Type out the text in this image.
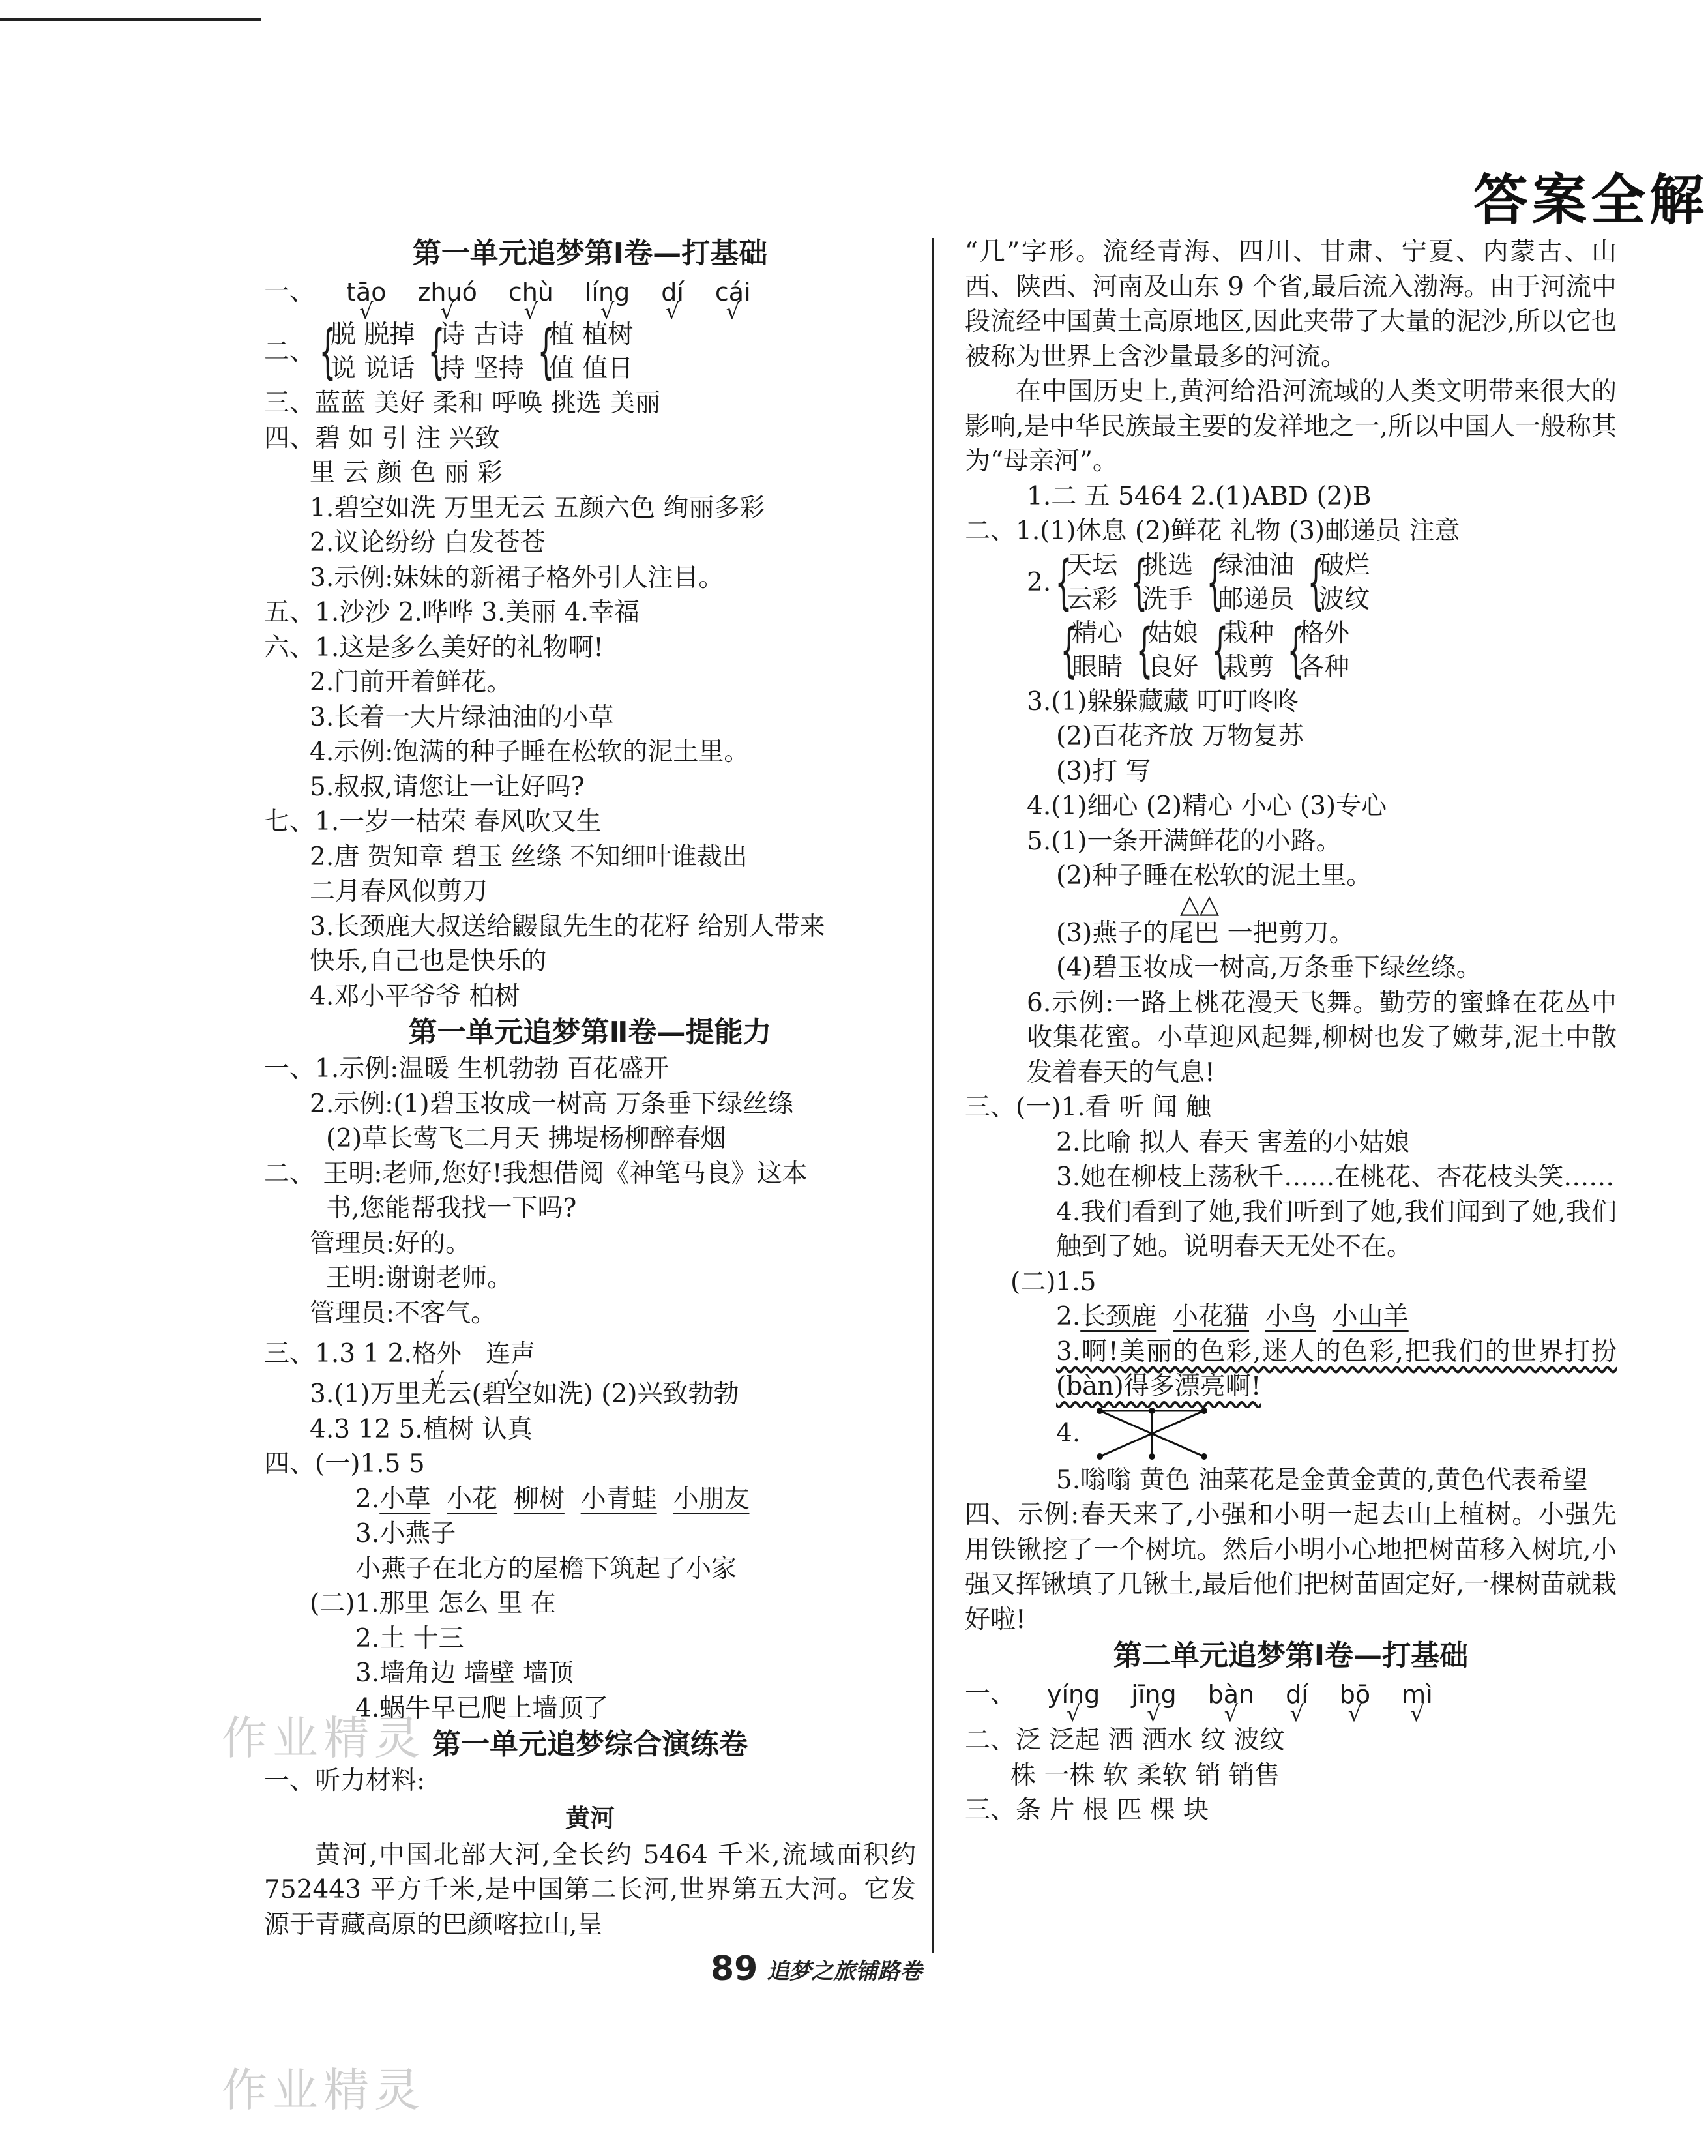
答案全解
第一单元追梦第Ⅰ卷—打基础
一、 tāo √ zhuó √ chù √ líng √ dí √ cái √
二、 {
脱 脱掉
说 说话 {
诗 古诗
持 坚持 {
植 植树
值 值日
三、蓝蓝 美好 柔和 呼唤 挑选 美丽
四、碧 如 引 注 兴致
里 云 颜 色 丽 彩
1.碧空如洗 万里无云 五颜六色 绚丽多彩
2.议论纷纷 白发苍苍
3.示例:妹妹的新裙子格外引人注目。
五、1.沙沙 2.哗哗 3.美丽 4.幸福
六、1.这是多么美好的礼物啊!
2.门前开着鲜花。
3.长着一大片绿油油的小草
4.示例:饱满的种子睡在松软的泥土里。
5.叔叔,请您让一让好吗?
七、1.一岁一枯荣 春风吹又生
2.唐 贺知章 碧玉 丝绦 不知细叶谁裁出
二月春风似剪刀
3.长颈鹿大叔送给鼹鼠先生的花籽 给别人带来
快乐,自己也是快乐的
4.邓小平爷爷 柏树
第一单元追梦第Ⅱ卷—提能力
一、1.示例:温暖 生机勃勃 百花盛开
2.示例:(1)碧玉妆成一树高 万条垂下绿丝绦
(2)草长莺飞二月天 拂堤杨柳醉春烟
二、 王明:老师,您好!我想借阅《神笔马良》这本
书,您能帮我找一下吗?
管理员:好的。
王明:谢谢老师。
管理员:不客气。
三、1.3 1 2.格外 √ 连声 √
3.(1)万里无云(碧空如洗) (2)兴致勃勃
4.3 12 5.植树 认真
四、(一)1.5 5
2.小草 小花 柳树 小青蛙 小朋友
3.小燕子
小燕子在北方的屋檐下筑起了小家
(二)1.那里 怎么 里 在
2.土 十三
3.墙角边 墙壁 墙顶
4.蜗牛早已爬上墙顶了
第一单元追梦综合演练卷
一、听力材料:
黄河
黄河,中国北部大河,全长约 5464 千米,流域面积约 752443 平方千米,是中国第二长河,世界第五大河。它发源于青藏高原的巴颜喀拉山,呈
“几”字形。流经青海、四川、甘肃、宁夏、内蒙古、山西、陕西、河南及山东 9 个省,最后流入渤海。由于河流中段流经中国黄土高原地区,因此夹带了大量的泥沙,所以它也被称为世界上含沙量最多的河流。
在中国历史上,黄河给沿河流域的人类文明带来很大的影响,是中华民族最主要的发祥地之一,所以中国人一般称其为“母亲河”。
1.二 五 5464 2.(1)ABD (2)B
二、1.(1)休息 (2)鲜花 礼物 (3)邮递员 注意
2. {
天坛
云彩 {
挑选
洗手 {
绿油油
邮递员 {
破烂
波纹
{
精心
眼睛 {
姑娘
良好 {
栽种
栽剪 {
格外
各种
3.(1)躲躲藏藏 叮叮咚咚
(2)百花齐放 万物复苏
(3)打 写
4.(1)细心 (2)精心 小心 (3)专心
5.(1)一条开满鲜花的小路。
(2)种子睡在松软的泥土里。
△△
(3)燕子的尾巴 一把剪刀。
(4)碧玉妆成一树高,万条垂下绿丝绦。
6.示例:一路上桃花漫天飞舞。勤劳的蜜蜂在花丛中收集花蜜。小草迎风起舞,柳树也发了嫩芽,泥土中散发着春天的气息!
三、(一)1.看 听 闻 触
2.比喻 拟人 春天 害羞的小姑娘
3.她在柳枝上荡秋千……在桃花、杏花枝头笑……
4.我们看到了她,我们听到了她,我们闻到了她,我们触到了她。说明春天无处不在。
(二)1.5
2.长颈鹿 小花猫 小鸟 小山羊
3.啊!美丽的色彩,迷人的色彩,把我们的世界打扮(bàn)得多漂亮啊!
4.
5.嗡嗡 黄色 油菜花是金黄金黄的,黄色代表希望
四、示例:春天来了,小强和小明一起去山上植树。小强先用铁锹挖了一个树坑。然后小明小心地把树苗移入树坑,小强又挥锹填了几锹土,最后他们把树苗固定好,一棵树苗就栽好啦!
第二单元追梦第Ⅰ卷—打基础
一、 yíng √ jīng √ bàn √ dí √ bō √ mì √
二、泛 泛起 洒 洒水 纹 波纹
株 一株 软 柔软 销 销售
三、条 片 根 匹 棵 块
89 追梦之旅铺路卷
作业精灵
作业精灵
